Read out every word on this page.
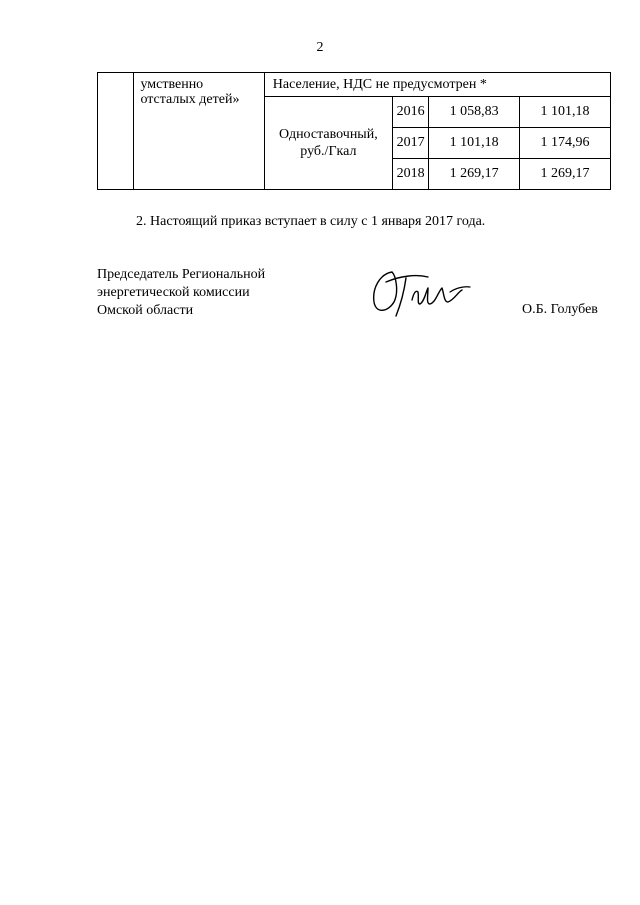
2
	умственно отсталых детей»	Население, НДС не предусмотрен *			
		Одноставочный, руб./Гкал	2016	1 058,83	1 101,18
			2017	1 101,18	1 174,96
			2018	1 269,17	1 269,17
2. Настоящий приказ вступает в силу с 1 января 2017 года.
Председатель Региональной
энергетической комиссии
Омской области	О.Б. Голубев
